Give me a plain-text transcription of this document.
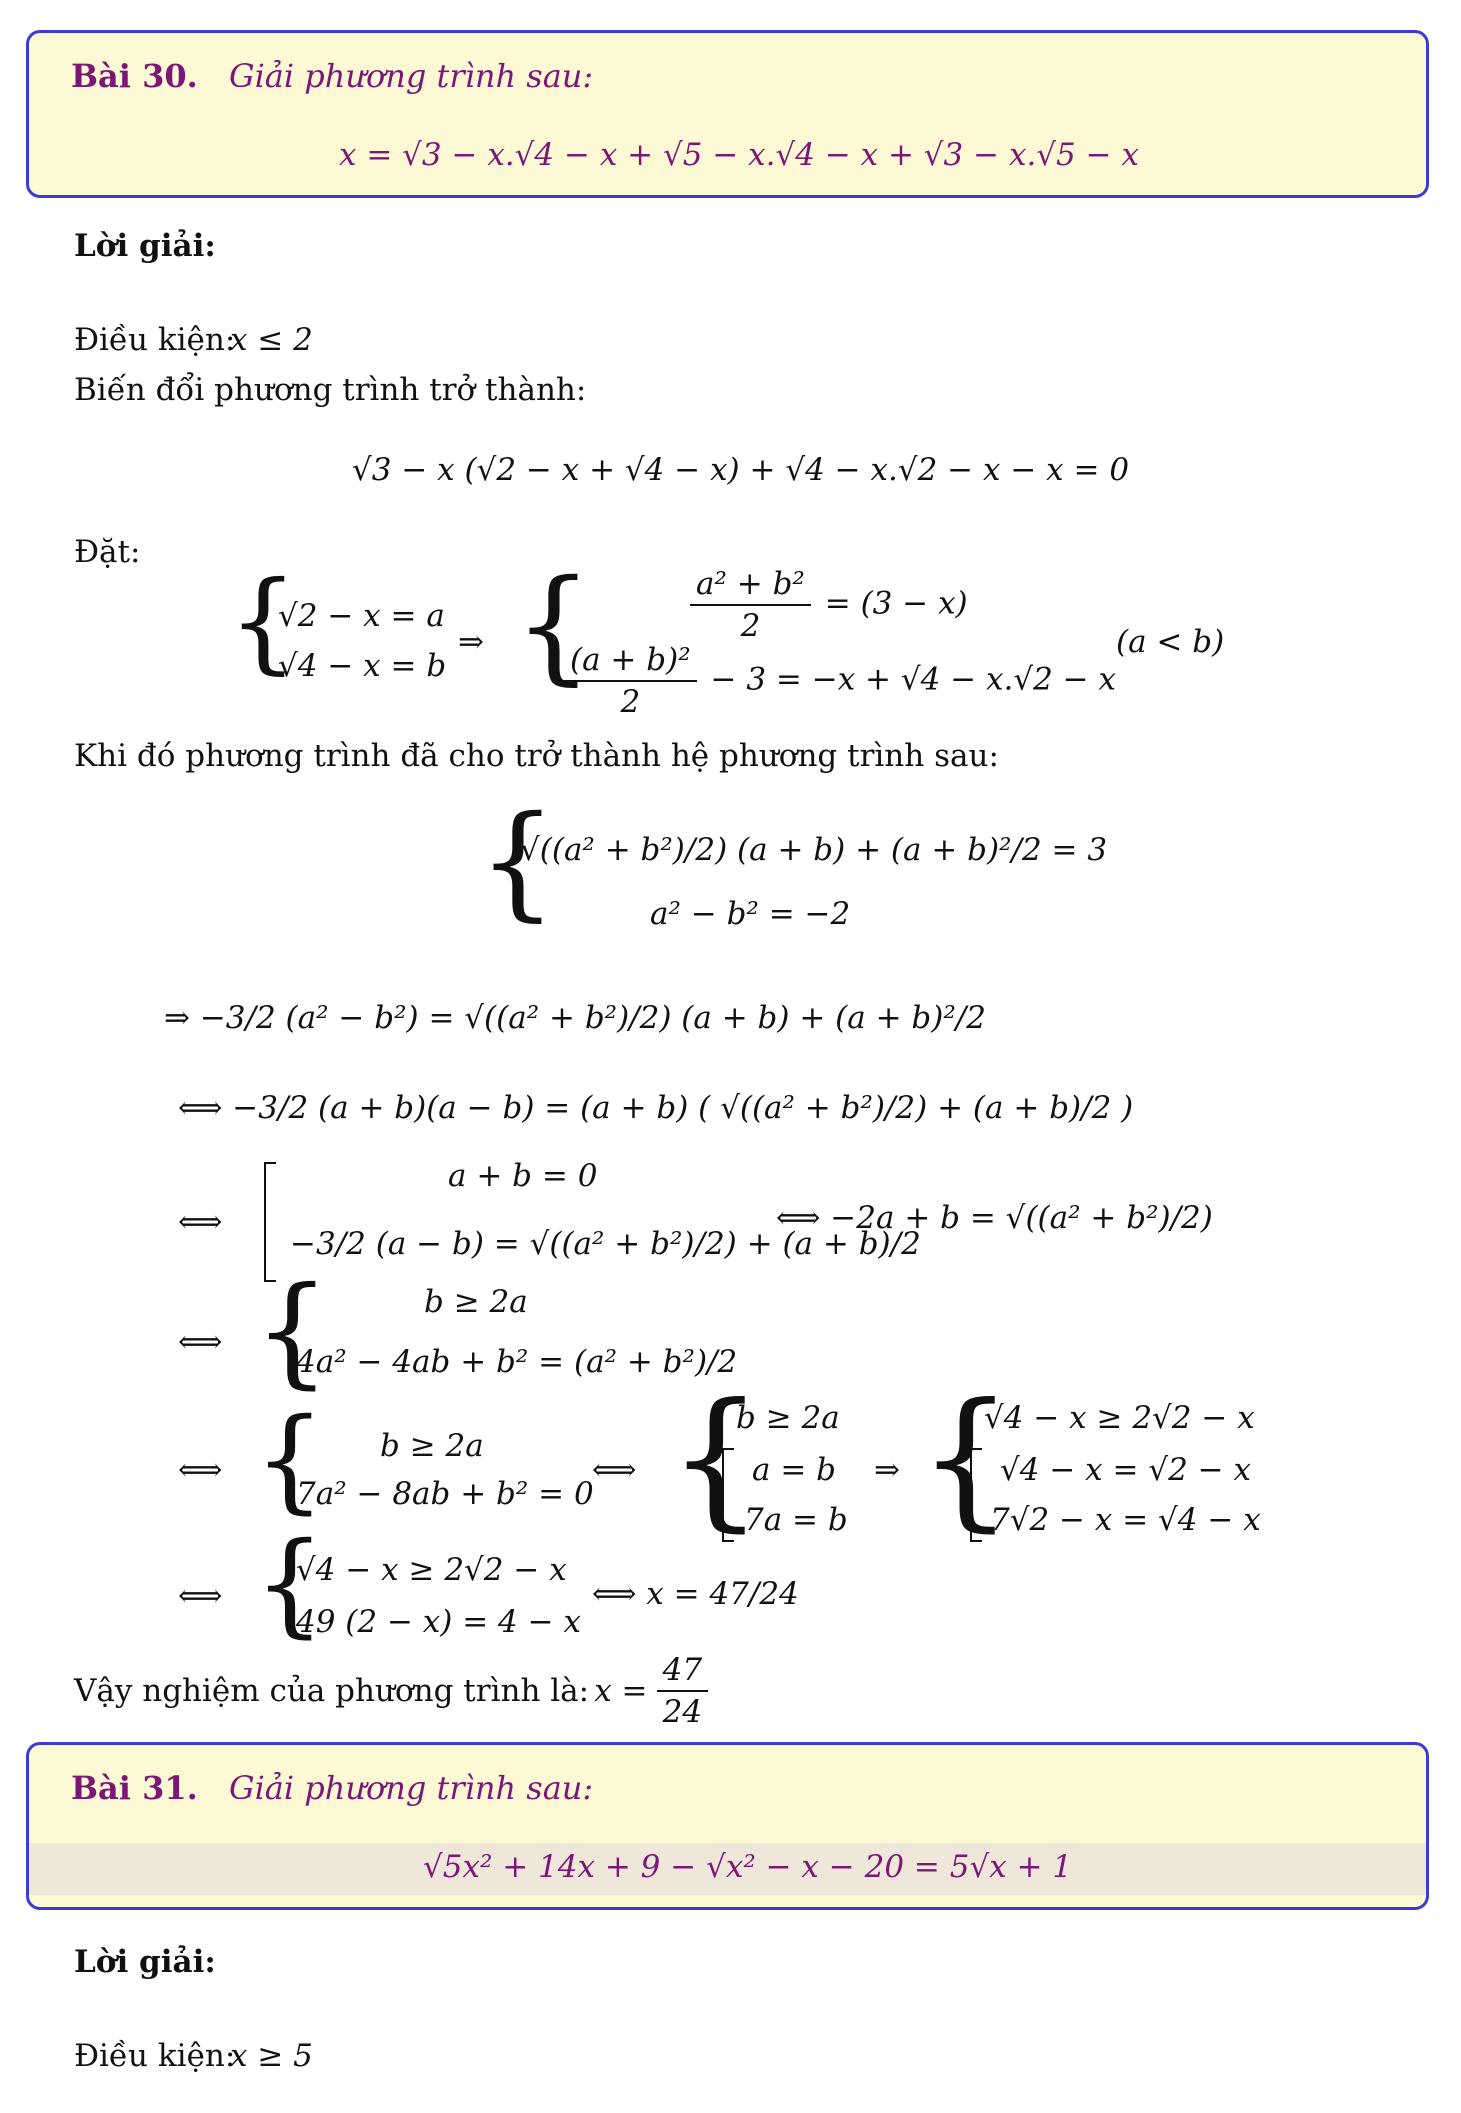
Bài 30. Giải phương trình sau:
x = √3 − x.√4 − x + √5 − x.√4 − x + √3 − x.√5 − x
Lời giải:
Điều kiện:
x ≤ 2
Biến đổi phương trình trở thành:
√3 − x (√2 − x + √4 − x) + √4 − x.√2 − x − x = 0
Đặt:
{
√2 − x = a
√4 − x = b
⇒ {	$\frac{\text{a² + b²}}{2} = (3 - x)$
$\frac{\text{(a + b)²}}{2} - 3 = -x + √4 - x.√2 - x$
(a < b)
Khi đó phương trình đã cho trở thành hệ phương trình sau:
{
√((a² + b²)/2) (a + b) + (a + b)²/2 = 3
a² − b² = −2
⇒ −3/2 (a² − b²) = √((a² + b²)/2) (a + b) + (a + b)²/2
⟺ −3/2 (a + b)(a − b) = (a + b) ( √((a² + b²)/2) + (a + b)/2 )
⟺
a + b = 0
−3/2 (a − b) = √((a² + b²)/2) + (a + b)/2
⟺ −2a + b = √((a² + b²)/2)
⟺ {	b ≥ 2a
4a² − 4ab + b² = (a² + b²)/2
⟺ { b ≥ 2a
7a² − 8ab + b² = 0
⟺ {
b ≥ 2a
a = b
7a = b
⇒ {
√4 − x ≥ 2√2 − x
√4 − x = √2 − x
7√2 − x = √4 − x
⟺ {
√4 − x ≥ 2√2 − x
49 (2 − x) = 4 − x
⟺ x = 47/24
Vậy nghiệm của phương trình là: $x = \frac{47}{24}$
Bài 31. Giải phương trình sau:
√5x² + 14x + 9 − √x² − x − 20 = 5√x + 1
Lời giải:
Điều kiện:
x ≥ 5
